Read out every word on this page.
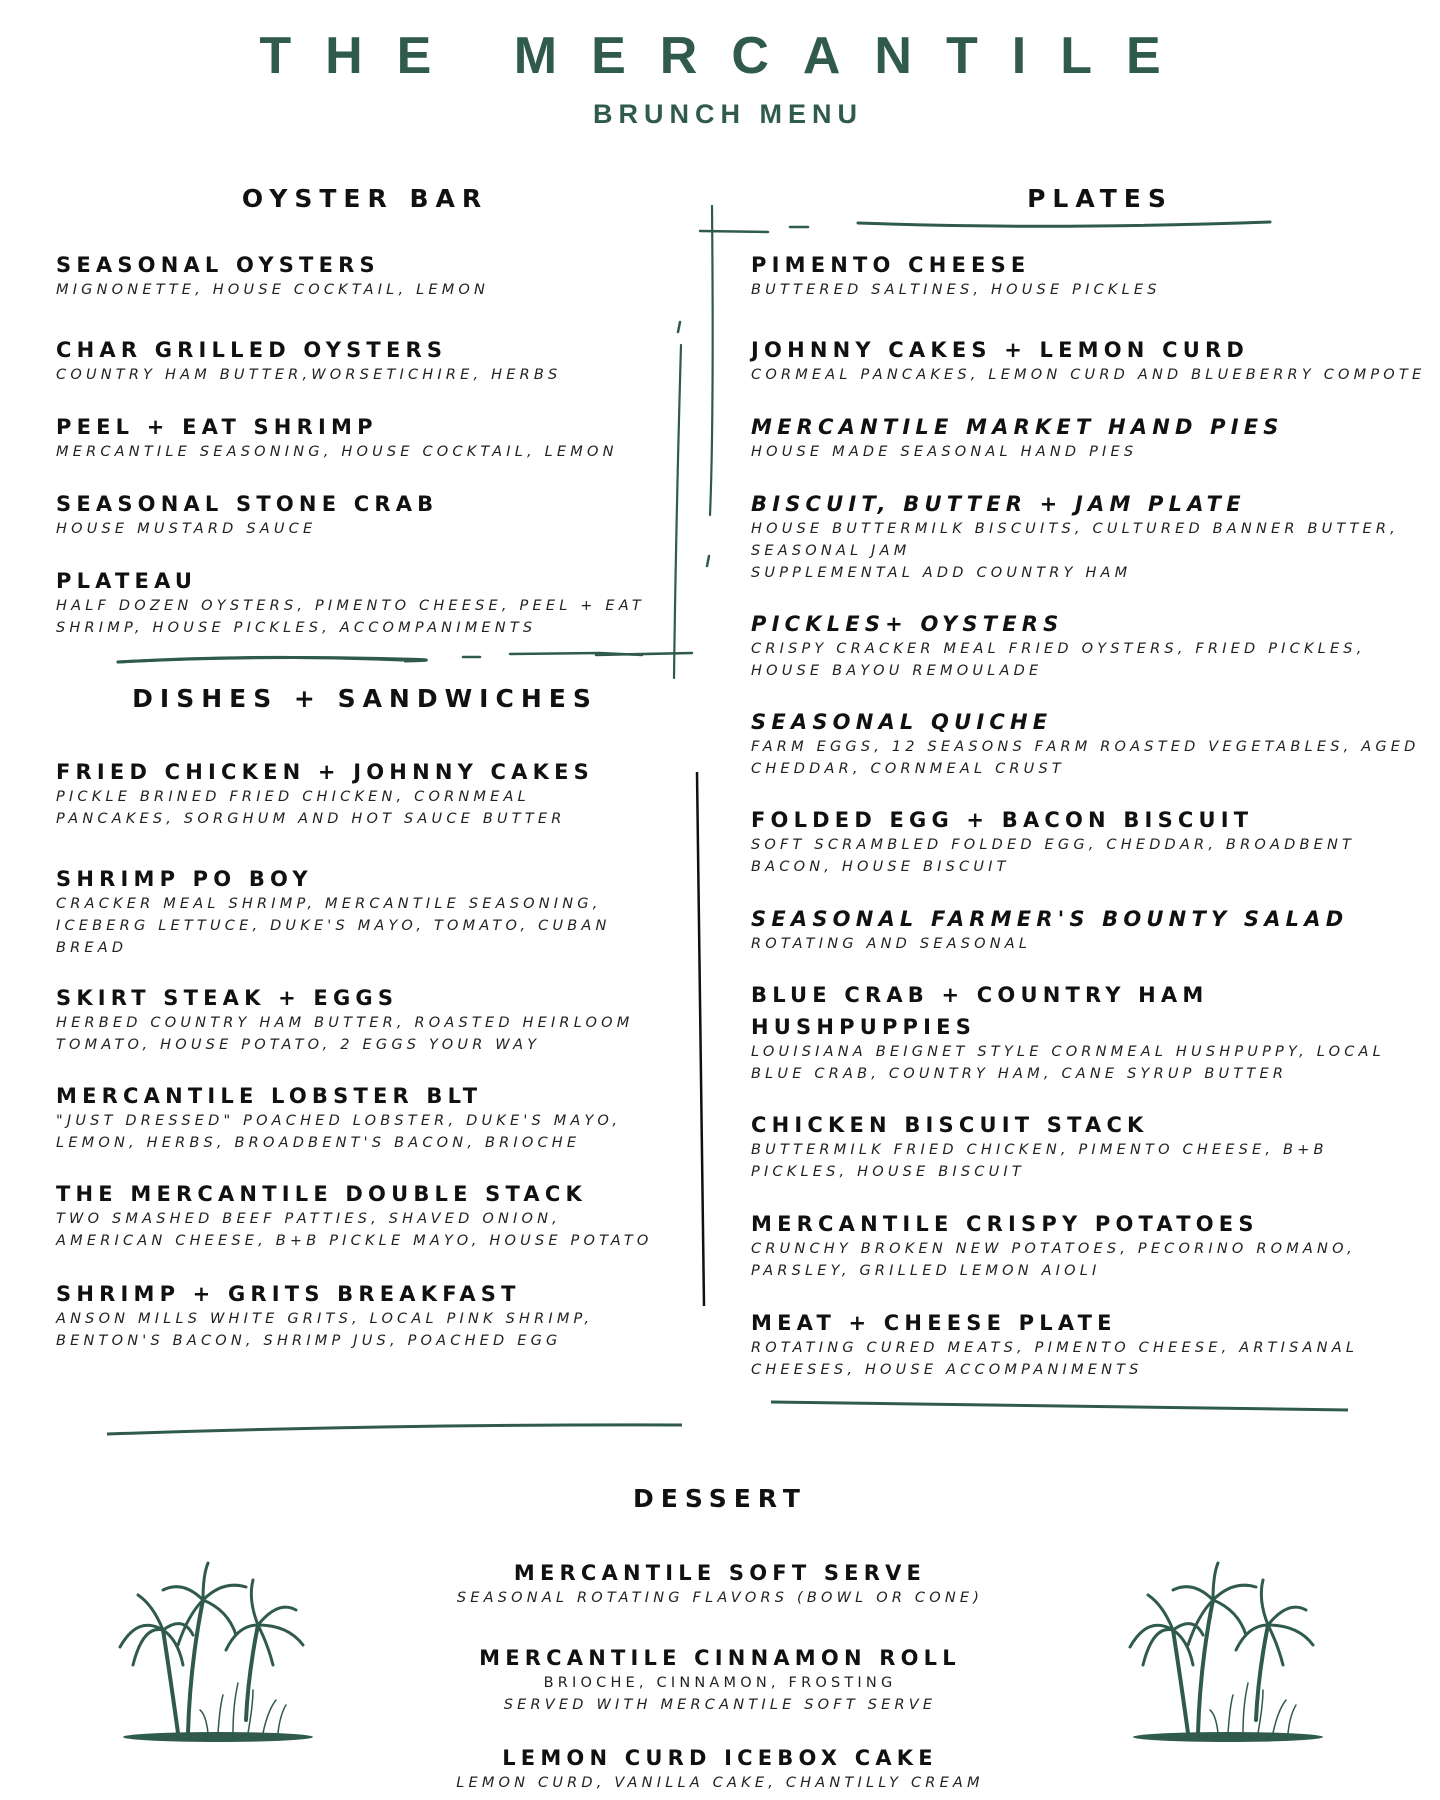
THE MERCANTILE
BRUNCH MENU
OYSTER BAR
SEASONAL OYSTERS
MIGNONETTE, HOUSE COCKTAIL, LEMON
CHAR GRILLED OYSTERS
COUNTRY HAM BUTTER,WORSETICHIRE, HERBS
PEEL + EAT SHRIMP
MERCANTILE SEASONING, HOUSE COCKTAIL, LEMON
SEASONAL STONE CRAB
HOUSE MUSTARD SAUCE
PLATEAU
HALF DOZEN OYSTERS, PIMENTO CHEESE, PEEL + EAT
SHRIMP, HOUSE PICKLES, ACCOMPANIMENTS
DISHES + SANDWICHES
FRIED CHICKEN + JOHNNY CAKES
PICKLE BRINED FRIED CHICKEN, CORNMEAL
PANCAKES, SORGHUM AND HOT SAUCE BUTTER
SHRIMP PO BOY
CRACKER MEAL SHRIMP, MERCANTILE SEASONING,
ICEBERG LETTUCE, DUKE'S MAYO, TOMATO, CUBAN
BREAD
SKIRT STEAK + EGGS
HERBED COUNTRY HAM BUTTER, ROASTED HEIRLOOM
TOMATO, HOUSE POTATO, 2 EGGS YOUR WAY
MERCANTILE LOBSTER BLT
"JUST DRESSED" POACHED LOBSTER, DUKE'S MAYO,
LEMON, HERBS, BROADBENT'S BACON, BRIOCHE
THE MERCANTILE DOUBLE STACK
TWO SMASHED BEEF PATTIES, SHAVED ONION,
AMERICAN CHEESE, B+B PICKLE MAYO, HOUSE POTATO
SHRIMP + GRITS BREAKFAST
ANSON MILLS WHITE GRITS, LOCAL PINK SHRIMP,
BENTON'S BACON, SHRIMP JUS, POACHED EGG
PLATES
PIMENTO CHEESE
BUTTERED SALTINES, HOUSE PICKLES
JOHNNY CAKES + LEMON CURD
CORMEAL PANCAKES, LEMON CURD AND BLUEBERRY COMPOTE
MERCANTILE MARKET HAND PIES
HOUSE MADE SEASONAL HAND PIES
BISCUIT, BUTTER + JAM PLATE
HOUSE BUTTERMILK BISCUITS, CULTURED BANNER BUTTER,
SEASONAL JAM
SUPPLEMENTAL ADD COUNTRY HAM
PICKLES+ OYSTERS
CRISPY CRACKER MEAL FRIED OYSTERS, FRIED PICKLES,
HOUSE BAYOU REMOULADE
SEASONAL QUICHE
FARM EGGS, 12 SEASONS FARM ROASTED VEGETABLES, AGED
CHEDDAR, CORNMEAL CRUST
FOLDED EGG + BACON BISCUIT
SOFT SCRAMBLED FOLDED EGG, CHEDDAR, BROADBENT
BACON, HOUSE BISCUIT
SEASONAL FARMER'S BOUNTY SALAD
ROTATING AND SEASONAL
BLUE CRAB + COUNTRY HAM
HUSHPUPPIES
LOUISIANA BEIGNET STYLE CORNMEAL HUSHPUPPY, LOCAL
BLUE CRAB, COUNTRY HAM, CANE SYRUP BUTTER
CHICKEN BISCUIT STACK
BUTTERMILK FRIED CHICKEN, PIMENTO CHEESE, B+B
PICKLES, HOUSE BISCUIT
MERCANTILE CRISPY POTATOES
CRUNCHY BROKEN NEW POTATOES, PECORINO ROMANO,
PARSLEY, GRILLED LEMON AIOLI
MEAT + CHEESE PLATE
ROTATING CURED MEATS, PIMENTO CHEESE, ARTISANAL
CHEESES, HOUSE ACCOMPANIMENTS
DESSERT
MERCANTILE SOFT SERVE
SEASONAL ROTATING FLAVORS (BOWL OR CONE)
MERCANTILE CINNAMON ROLL
BRIOCHE, CINNAMON, FROSTING
SERVED WITH MERCANTILE SOFT SERVE
LEMON CURD ICEBOX CAKE
LEMON CURD, VANILLA CAKE, CHANTILLY CREAM
